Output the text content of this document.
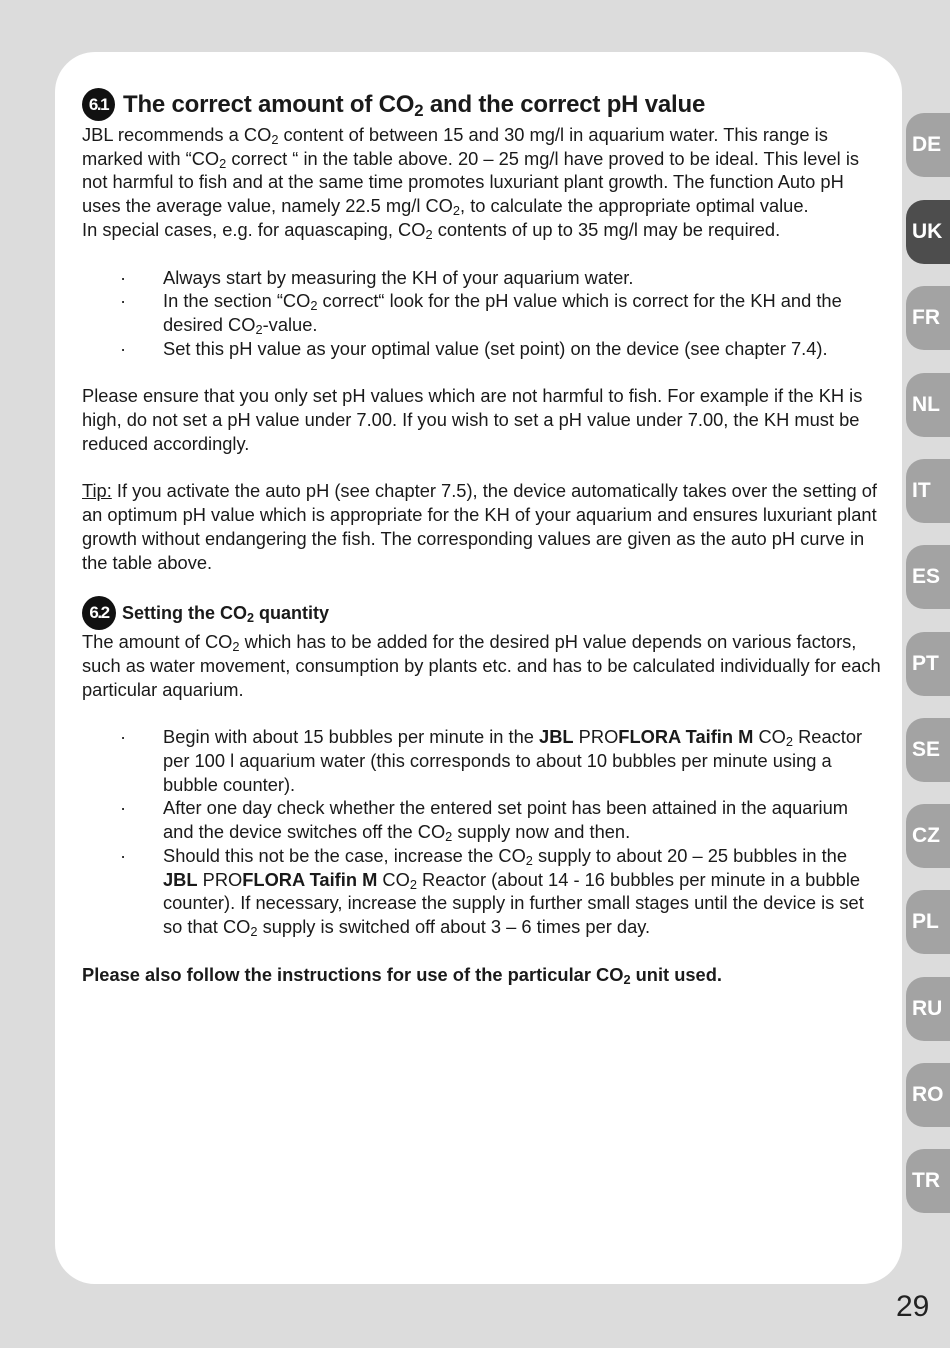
6.1 The correct amount of $CO_2$ and the correct pH value

JBL recommends a $CO_2$ content of between 15 and 30 mg/l in aquarium water. This range is marked with “$CO_2$ correct “ in the table above. 20 – 25 mg/l have proved to be ideal. This level is not harmful to fish and at the same time promotes luxuriant plant growth. The function Auto pH uses the average value, namely 22.5 mg/l $CO_2$, to calculate the appropriate optimal value.

In special cases, e.g. for aquascaping, $CO_2$ contents of up to 35 mg/l may be required.

· Always start by measuring the KH of your aquarium water.
· In the section “$CO_2$ correct“ look for the pH value which is correct for the KH and the desired $CO_2$-value.
· Set this pH value as your optimal value (set point) on the device (see chapter 7.4).

Please ensure that you only set pH values which are not harmful to fish. For example if the KH is high, do not set a pH value under 7.00. If you wish to set a pH value under 7.00, the KH must be reduced accordingly.

Tip: If you activate the auto pH (see chapter 7.5), the device automatically takes over the setting of an optimum pH value which is appropriate for the KH of your aquarium and ensures luxuriant plant growth without endangering the fish. The corresponding values are given as the auto pH curve in the table above.

6.2 Setting the $CO_2$ quantity

The amount of $CO_2$ which has to be added for the desired pH value depends on various factors, such as water movement, consumption by plants etc. and has to be calculated individually for each particular aquarium.

· Begin with about 15 bubbles per minute in the JBL PROFLORA Taifin M $CO_2$ Reactor per 100 l aquarium water (this corresponds to about 10 bubbles per minute using a bubble counter).
· After one day check whether the entered set point has been attained in the aquarium and the device switches off the $CO_2$ supply now and then.
· Should this not be the case, increase the $CO_2$ supply to about 20 – 25 bubbles in the JBL PROFLORA Taifin M $CO_2$ Reactor (about 14 - 16 bubbles per minute in a bubble counter). If necessary, increase the supply in further small stages until the device is set so that $CO_2$ supply is switched off about 3 – 6 times per day.

Please also follow the instructions for use of the particular $CO_2$ unit used.

DE
UK
FR
NL
IT
ES
PT
SE
CZ
PL
RU
RO
TR
29
